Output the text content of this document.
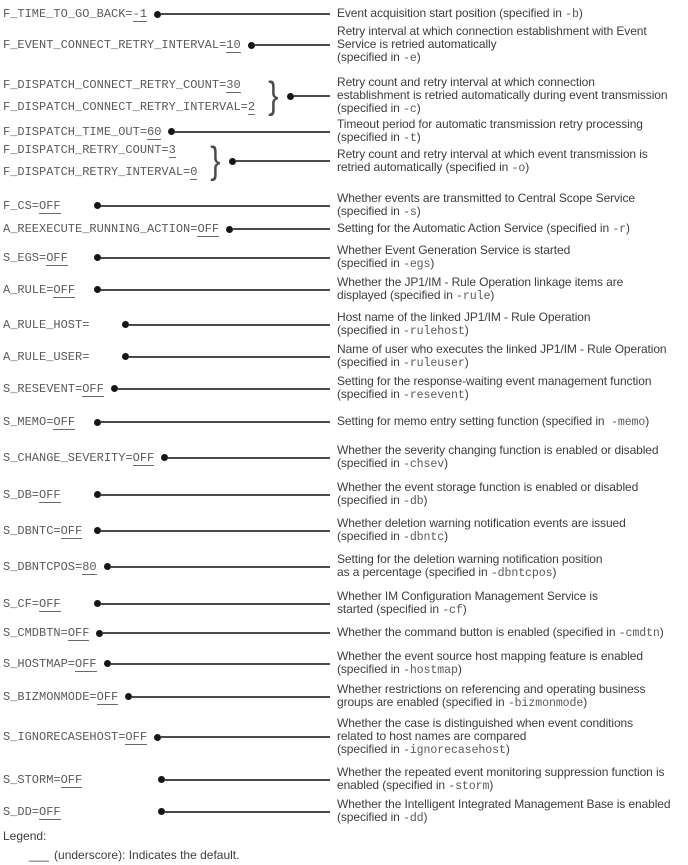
F_TIME_TO_GO_BACK=-1	Event acquisition start position (specified in -b)
F_EVENT_CONNECT_RETRY_INTERVAL=10
Retry interval at which connection establishment with Event
Service is retried automatically
(specified in -e)
F_DISPATCH_CONNECT_RETRY_COUNT=30
F_DISPATCH_CONNECT_RETRY_INTERVAL=2 }	Retry count and retry interval at which connection
establishment is retried automatically during event transmission
(specified in -c)
F_DISPATCH_TIME_OUT=60
Timeout period for automatic transmission retry processing
(specified in -t)
F_DISPATCH_RETRY_COUNT=3
F_DISPATCH_RETRY_INTERVAL=0 }	Retry count and retry interval at which event transmission is
retried automatically (specified in -o)
F_CS=OFF
Whether events are transmitted to Central Scope Service
(specified in -s)
A_REEXECUTE_RUNNING_ACTION=OFF	Setting for the Automatic Action Service (specified in -r)
S_EGS=OFF
Whether Event Generation Service is started
(specified in -egs)
A_RULE=OFF
Whether the JP1/IM - Rule Operation linkage items are
displayed (specified in -rule)
A_RULE_HOST=
Host name of the linked JP1/IM - Rule Operation
(specified in -rulehost)
A_RULE_USER=
Name of user who executes the linked JP1/IM - Rule Operation
(specified in -ruleuser)
S_RESEVENT=OFF
Setting for the response-waiting event management function
(specified in -resevent)
S_MEMO=OFF	Setting for memo entry setting function (specified in  -memo)
S_CHANGE_SEVERITY=OFF
Whether the severity changing function is enabled or disabled
(specified in -chsev)
S_DB=OFF
Whether the event storage function is enabled or disabled
(specified in -db)
S_DBNTC=OFF
Whether deletion warning notification events are issued
(specified in -dbntc)
S_DBNTCPOS=80
Setting for the deletion warning notification position
as a percentage (specified in -dbntcpos)
S_CF=OFF
Whether IM Configuration Management Service is
started (specified in -cf)
S_CMDBTN=OFF	Whether the command button is enabled (specified in -cmdtn)
S_HOSTMAP=OFF
Whether the event source host mapping feature is enabled
(specified in -hostmap)
S_BIZMONMODE=OFF
Whether restrictions on referencing and operating business
groups are enabled (specified in -bizmonmode)
S_IGNORECASEHOST=OFF
Whether the case is distinguished when event conditions
related to host names are compared
(specified in -ignorecasehost)
S_STORM=OFF
Whether the repeated event monitoring suppression function is
enabled (specified in -storm)
S_DD=OFF
Whether the Intelligent Integrated Management Base is enabled
(specified in -dd)
Legend:
___ (underscore): Indicates the default.
